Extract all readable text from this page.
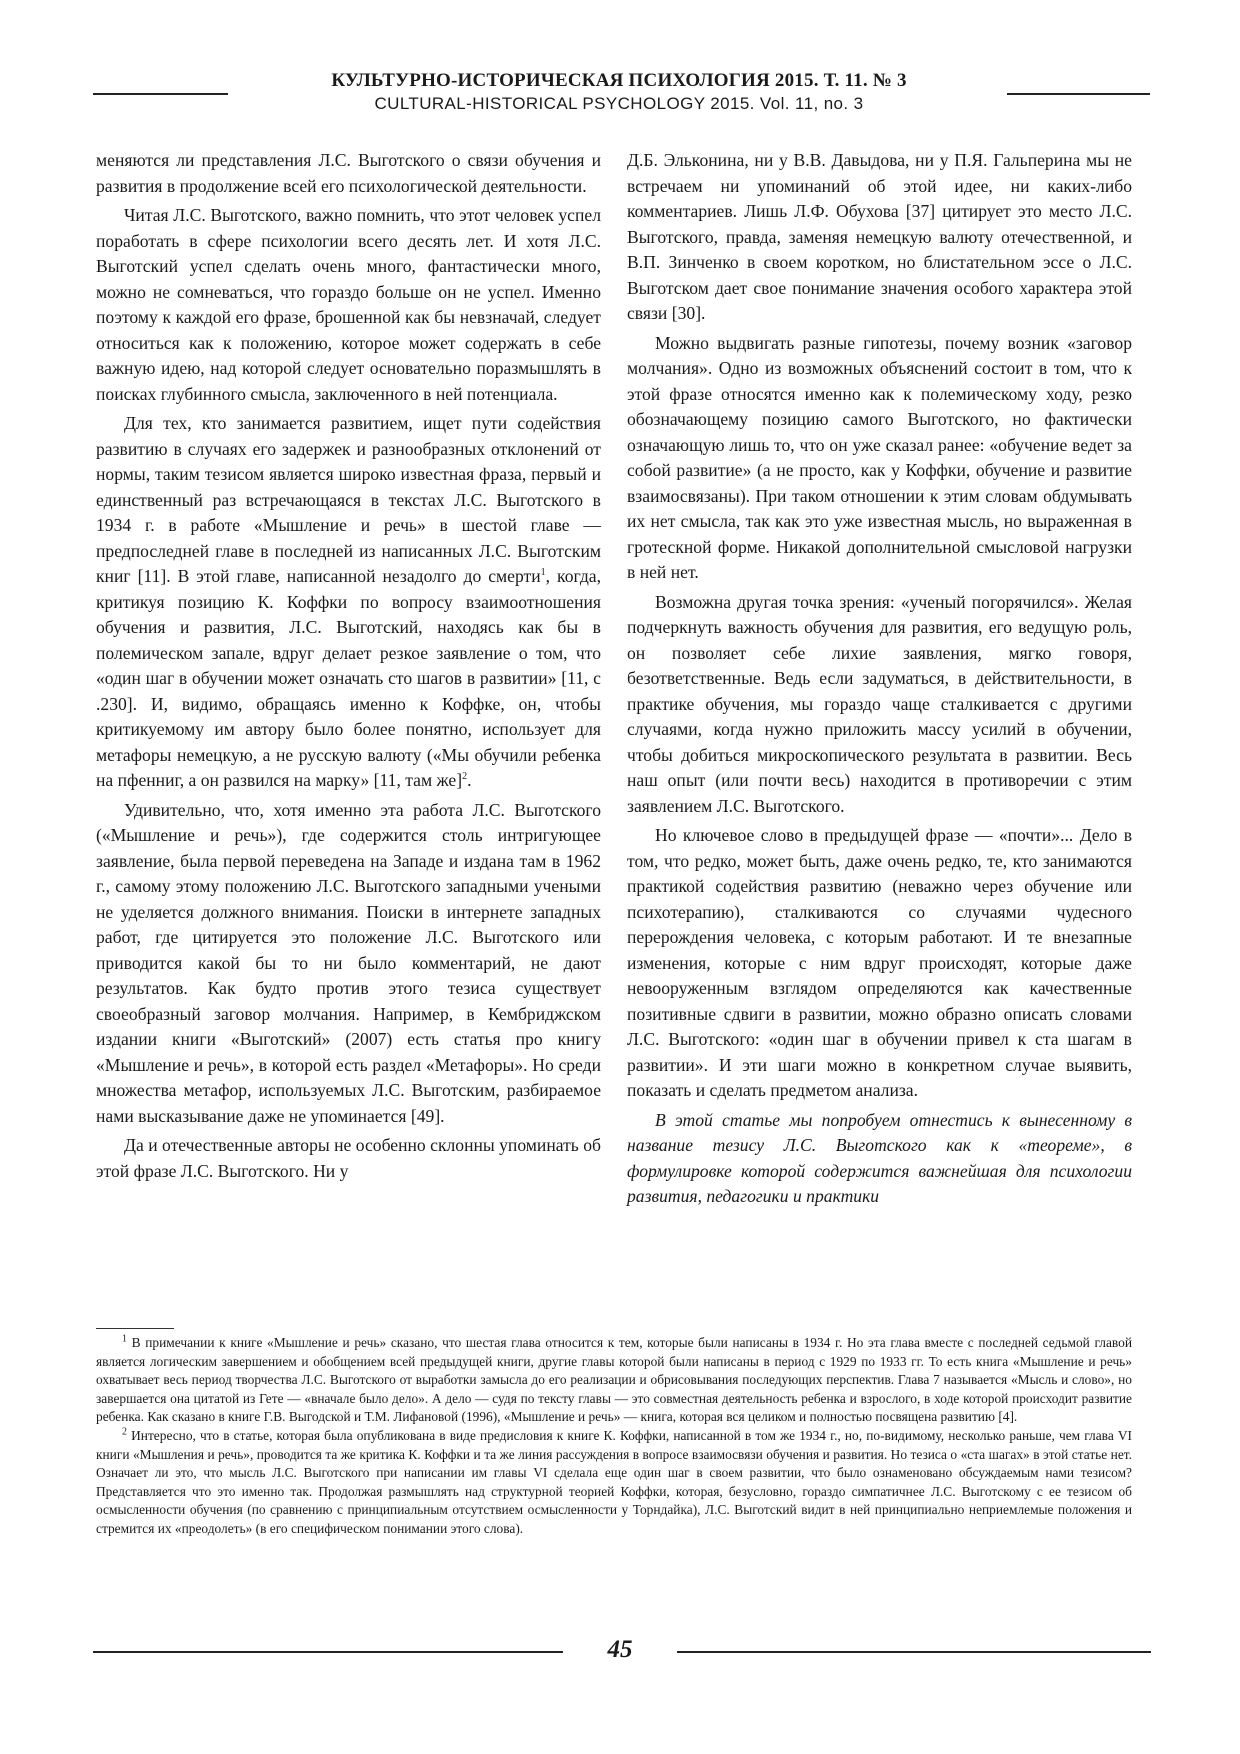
КУЛЬТУРНО-ИСТОРИЧЕСКАЯ ПСИХОЛОГИЯ 2015. Т. 11. № 3
CULTURAL-HISTORICAL PSYCHOLOGY 2015. Vol. 11, no. 3

меняются ли представления Л.С. Выготского о связи обучения и развития в продолжение всей его психологической деятельности.

Читая Л.С. Выготского, важно помнить, что этот человек успел поработать в сфере психологии всего десять лет. И хотя Л.С. Выготский успел сделать очень много, фантастически много, можно не сомневаться, что гораздо больше он не успел. Именно поэтому к каждой его фразе, брошенной как бы невзначай, следует относиться как к положению, которое может содержать в себе важную идею, над которой следует основательно поразмышлять в поисках глубинного смысла, заключенного в ней потенциала.

Для тех, кто занимается развитием, ищет пути содействия развитию в случаях его задержек и разнообразных отклонений от нормы, таким тезисом является широко известная фраза, первый и единственный раз встречающаяся в текстах Л.С. Выготского в 1934 г. в работе «Мышление и речь» в шестой главе — предпоследней главе в последней из написанных Л.С. Выготским книг [11]. В этой главе, написанной незадолго до смерти$^1$, когда, критикуя позицию К. Коффки по вопросу взаимоотношения обучения и развития, Л.С. Выготский, находясь как бы в полемическом запале, вдруг делает резкое заявление о том, что «один шаг в обучении может означать сто шагов в развитии» [11, с .230]. И, видимо, обращаясь именно к Коффке, он, чтобы критикуемому им автору было более понятно, использует для метафоры немецкую, а не русскую валюту («Мы обучили ребенка на пфенниг, а он развился на марку» [11, там же]$^2$.

Удивительно, что, хотя именно эта работа Л.С. Выготского («Мышление и речь»), где содержится столь интригующее заявление, была первой переведена на Западе и издана там в 1962 г., самому этому положению Л.С. Выготского западными учеными не уделяется должного внимания. Поиски в интернете западных работ, где цитируется это положение Л.С. Выготского или приводится какой бы то ни было комментарий, не дают результатов. Как будто против этого тезиса существует своеобразный заговор молчания. Например, в Кембриджском издании книги «Выготский» (2007) есть статья про книгу «Мышление и речь», в которой есть раздел «Метафоры». Но среди множества метафор, используемых Л.С. Выготским, разбираемое нами высказывание даже не упоминается [49].

Да и отечественные авторы не особенно склонны упоминать об этой фразе Л.С. Выготского. Ни у

Д.Б. Эльконина, ни у В.В. Давыдова, ни у П.Я. Гальперина мы не встречаем ни упоминаний об этой идее, ни каких-либо комментариев. Лишь Л.Ф. Обухова [37] цитирует это место Л.С. Выготского, правда, заменяя немецкую валюту отечественной, и В.П. Зинченко в своем коротком, но блистательном эссе о Л.С. Выготском дает свое понимание значения особого характера этой связи [30].

Можно выдвигать разные гипотезы, почему возник «заговор молчания». Одно из возможных объяснений состоит в том, что к этой фразе относятся именно как к полемическому ходу, резко обозначающему позицию самого Выготского, но фактически означающую лишь то, что он уже сказал ранее: «обучение ведет за собой развитие» (а не просто, как у Коффки, обучение и развитие взаимосвязаны). При таком отношении к этим словам обдумывать их нет смысла, так как это уже известная мысль, но выраженная в гротескной форме. Никакой дополнительной смысловой нагрузки в ней нет.

Возможна другая точка зрения: «ученый погорячился». Желая подчеркнуть важность обучения для развития, его ведущую роль, он позволяет себе лихие заявления, мягко говоря, безответственные. Ведь если задуматься, в действительности, в практике обучения, мы гораздо чаще сталкивается с другими случаями, когда нужно приложить массу усилий в обучении, чтобы добиться микроскопического результата в развитии. Весь наш опыт (или почти весь) находится в противоречии с этим заявлением Л.С. Выготского.

Но ключевое слово в предыдущей фразе — «почти»... Дело в том, что редко, может быть, даже очень редко, те, кто занимаются практикой содействия развитию (неважно через обучение или психотерапию), сталкиваются со случаями чудесного перерождения человека, с которым работают. И те внезапные изменения, которые с ним вдруг происходят, которые даже невооруженным взглядом определяются как качественные позитивные сдвиги в развитии, можно образно описать словами Л.С. Выготского: «один шаг в обучении привел к ста шагам в развитии». И эти шаги можно в конкретном случае выявить, показать и сделать предметом анализа.

В этой статье мы попробуем отнестись к вынесенному в название тезису Л.С. Выготского как к «теореме», в формулировке которой содержится важнейшая для психологии развития, педагогики и практики

$^1$ В примечании к книге «Мышление и речь» сказано, что шестая глава относится к тем, которые были написаны в 1934 г. Но эта глава вместе с последней седьмой главой является логическим завершением и обобщением всей предыдущей книги, другие главы которой были написаны в период с 1929 по 1933 гг. То есть книга «Мышление и речь» охватывает весь период творчества Л.С. Выготского от выработки замысла до его реализации и обрисовывания последующих перспектив. Глава 7 называется «Мысль и слово», но завершается она цитатой из Гете — «вначале было дело». А дело — судя по тексту главы — это совместная деятельность ребенка и взрослого, в ходе которой происходит развитие ребенка. Как сказано в книге Г.В. Выгодской и Т.М. Лифановой (1996), «Мышление и речь» — книга, которая вся целиком и полностью посвящена развитию [4].

$^2$ Интересно, что в статье, которая была опубликована в виде предисловия к книге К. Коффки, написанной в том же 1934 г., но, по-видимому, несколько раньше, чем глава VI книги «Мышления и речь», проводится та же критика К. Коффки и та же линия рассуждения в вопросе взаимосвязи обучения и развития. Но тезиса о «ста шагах» в этой статье нет. Означает ли это, что мысль Л.С. Выготского при написании им главы VI сделала еще один шаг в своем развитии, что было ознаменовано обсуждаемым нами тезисом? Представляется что это именно так. Продолжая размышлять над структурной теорией Коффки, которая, безусловно, гораздо симпатичнее Л.С. Выготскому с ее тезисом об осмысленности обучения (по сравнению с принципиальным отсутствием осмысленности у Торндайка), Л.С. Выготский видит в ней принципиально неприемлемые положения и стремится их «преодолеть» (в его специфическом понимании этого слова).

45
